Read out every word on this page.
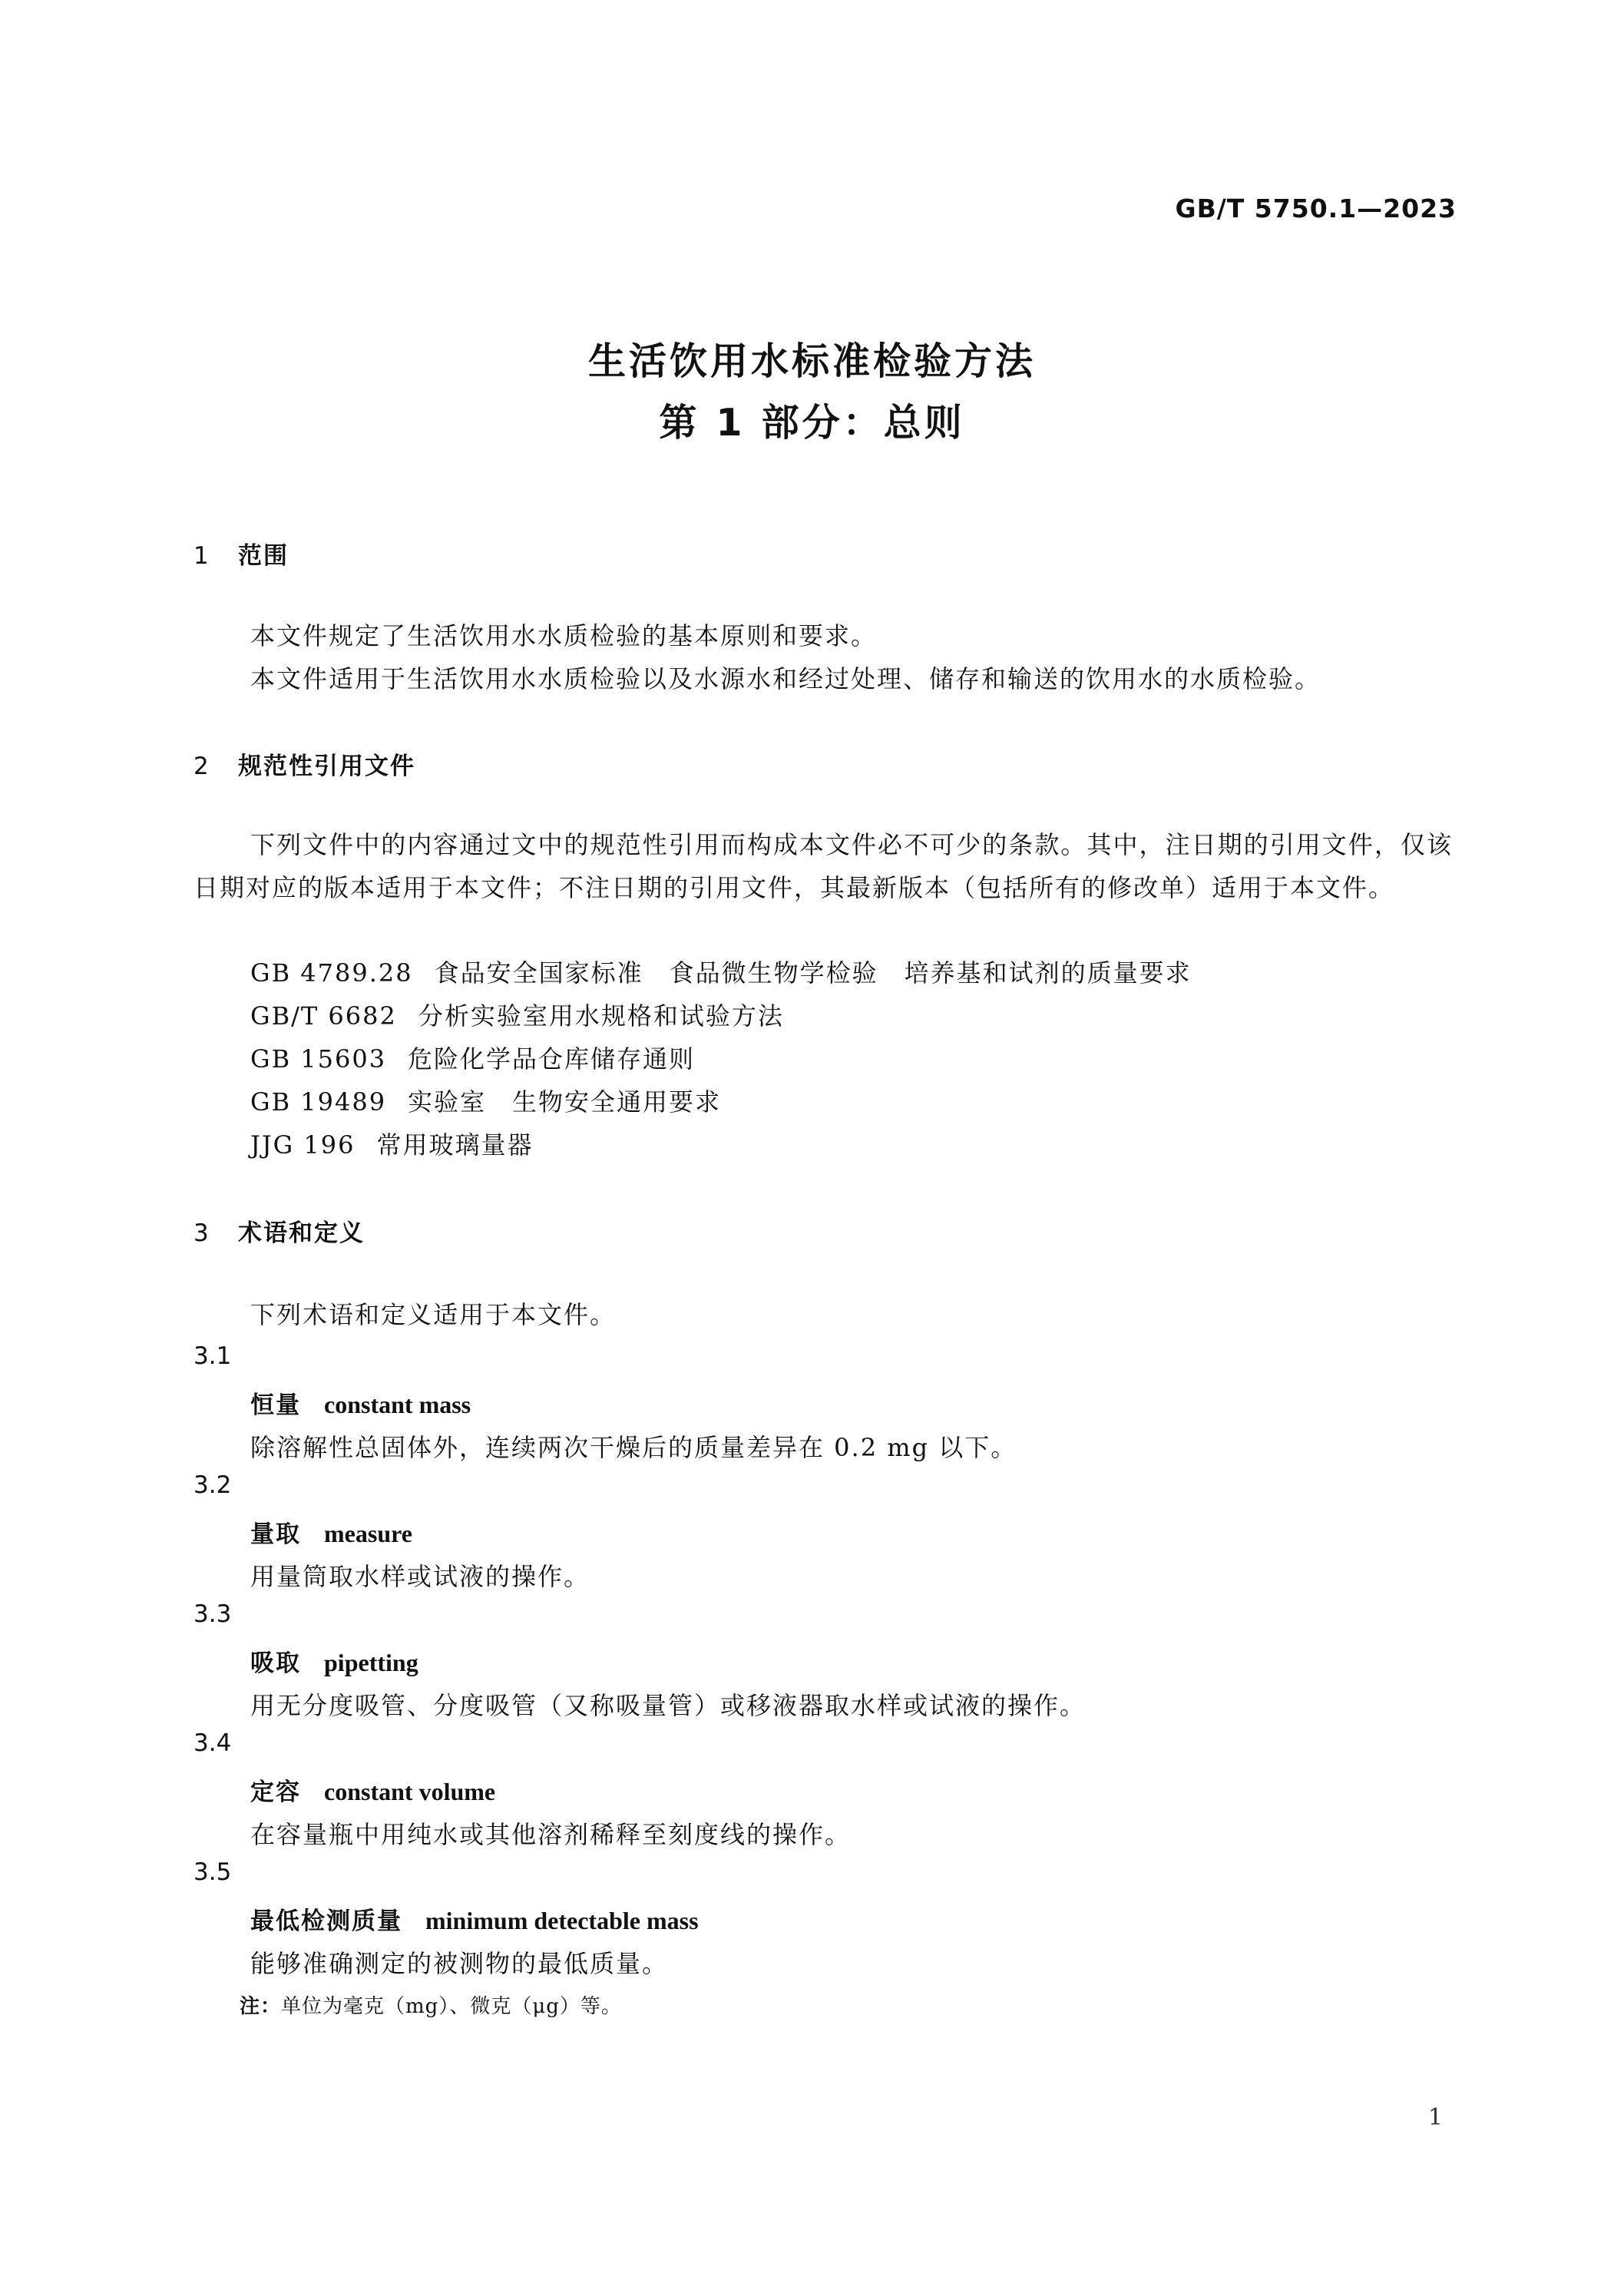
GB/T 5750.1—2023
生活饮用水标准检验方法
第 1 部分：总则
1 范围

本文件规定了生活饮用水水质检验的基本原则和要求。

本文件适用于生活饮用水水质检验以及水源水和经过处理、储存和输送的饮用水的水质检验。

2 规范性引用文件

下列文件中的内容通过文中的规范性引用而构成本文件必不可少的条款。其中，注日期的引用文件，仅该日期对应的版本适用于本文件；不注日期的引用文件，其最新版本（包括所有的修改单）适用于本文件。

GB 4789.28 食品安全国家标准　食品微生物学检验　培养基和试剂的质量要求
GB/T 6682 分析实验室用水规格和试验方法
GB 15603 危险化学品仓库储存通则
GB 19489 实验室　生物安全通用要求
JJG 196 常用玻璃量器
3 术语和定义

下列术语和定义适用于本文件。

3.1
恒量 constant mass
除溶解性总固体外，连续两次干燥后的质量差异在 0.2 mg 以下。
3.2
量取 measure
用量筒取水样或试液的操作。
3.3
吸取 pipetting
用无分度吸管、分度吸管（又称吸量管）或移液器取水样或试液的操作。
3.4
定容 constant volume
在容量瓶中用纯水或其他溶剂稀释至刻度线的操作。
3.5
最低检测质量 minimum detectable mass
能够准确测定的被测物的最低质量。
注：单位为毫克（mg）、微克（μg）等。
1
